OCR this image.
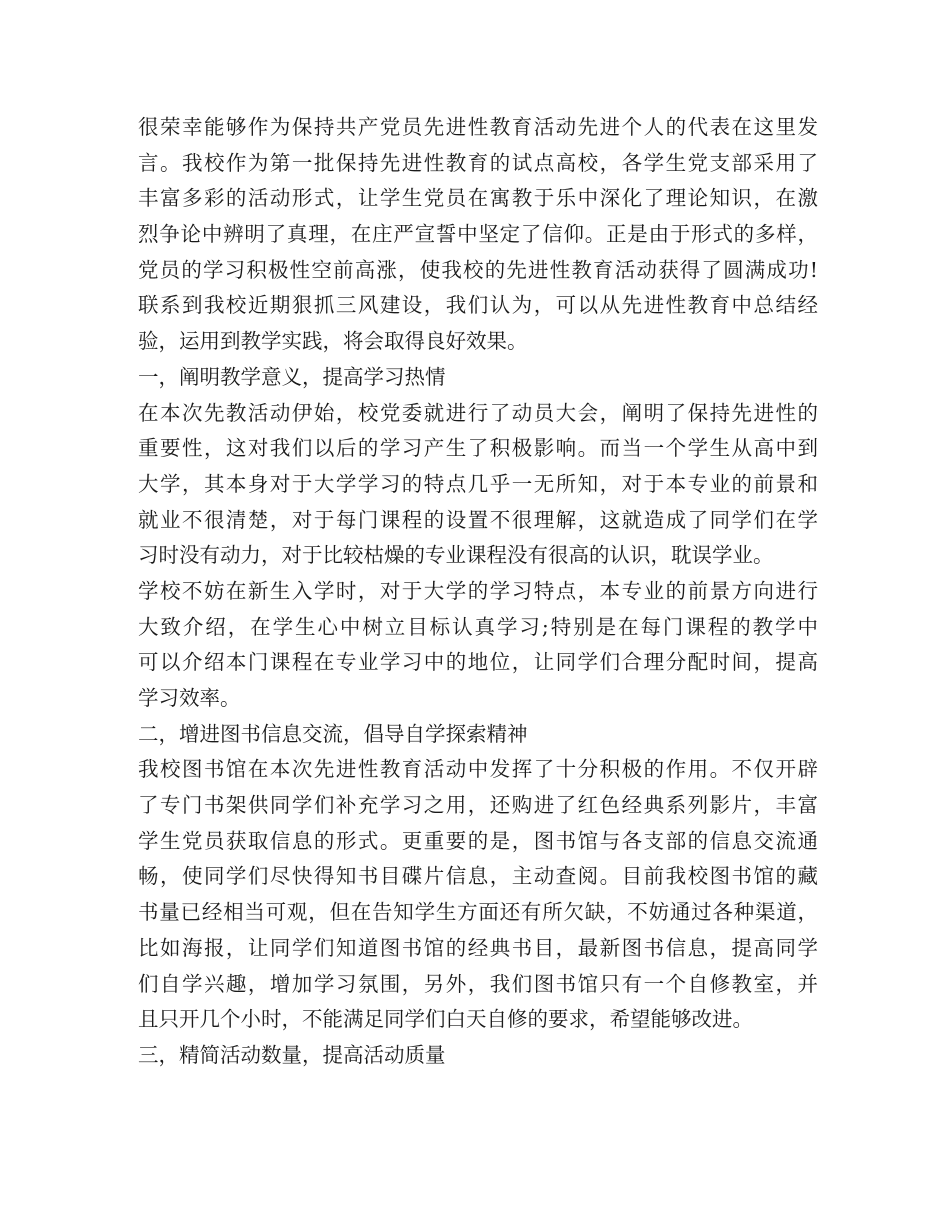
很荣幸能够作为保持共产党员先进性教育活动先进个人的代表在这里发
言。我校作为第一批保持先进性教育的试点高校，各学生党支部采用了
丰富多彩的活动形式，让学生党员在寓教于乐中深化了理论知识，在激
烈争论中辨明了真理，在庄严宣誓中坚定了信仰。正是由于形式的多样，
党员的学习积极性空前高涨，使我校的先进性教育活动获得了圆满成功!
联系到我校近期狠抓三风建设，我们认为，可以从先进性教育中总结经
验，运用到教学实践，将会取得良好效果。
一，阐明教学意义，提高学习热情
在本次先教活动伊始，校党委就进行了动员大会，阐明了保持先进性的
重要性，这对我们以后的学习产生了积极影响。而当一个学生从高中到
大学，其本身对于大学学习的特点几乎一无所知，对于本专业的前景和
就业不很清楚，对于每门课程的设置不很理解，这就造成了同学们在学
习时没有动力，对于比较枯燥的专业课程没有很高的认识，耽误学业。
学校不妨在新生入学时，对于大学的学习特点，本专业的前景方向进行
大致介绍，在学生心中树立目标认真学习;特别是在每门课程的教学中
可以介绍本门课程在专业学习中的地位，让同学们合理分配时间，提高
学习效率。
二，增进图书信息交流，倡导自学探索精神
我校图书馆在本次先进性教育活动中发挥了十分积极的作用。不仅开辟
了专门书架供同学们补充学习之用，还购进了红色经典系列影片，丰富
学生党员获取信息的形式。更重要的是，图书馆与各支部的信息交流通
畅，使同学们尽快得知书目碟片信息，主动查阅。目前我校图书馆的藏
书量已经相当可观，但在告知学生方面还有所欠缺，不妨通过各种渠道，
比如海报，让同学们知道图书馆的经典书目，最新图书信息，提高同学
们自学兴趣，增加学习氛围，另外，我们图书馆只有一个自修教室，并
且只开几个小时，不能满足同学们白天自修的要求，希望能够改进。
三，精简活动数量，提高活动质量
